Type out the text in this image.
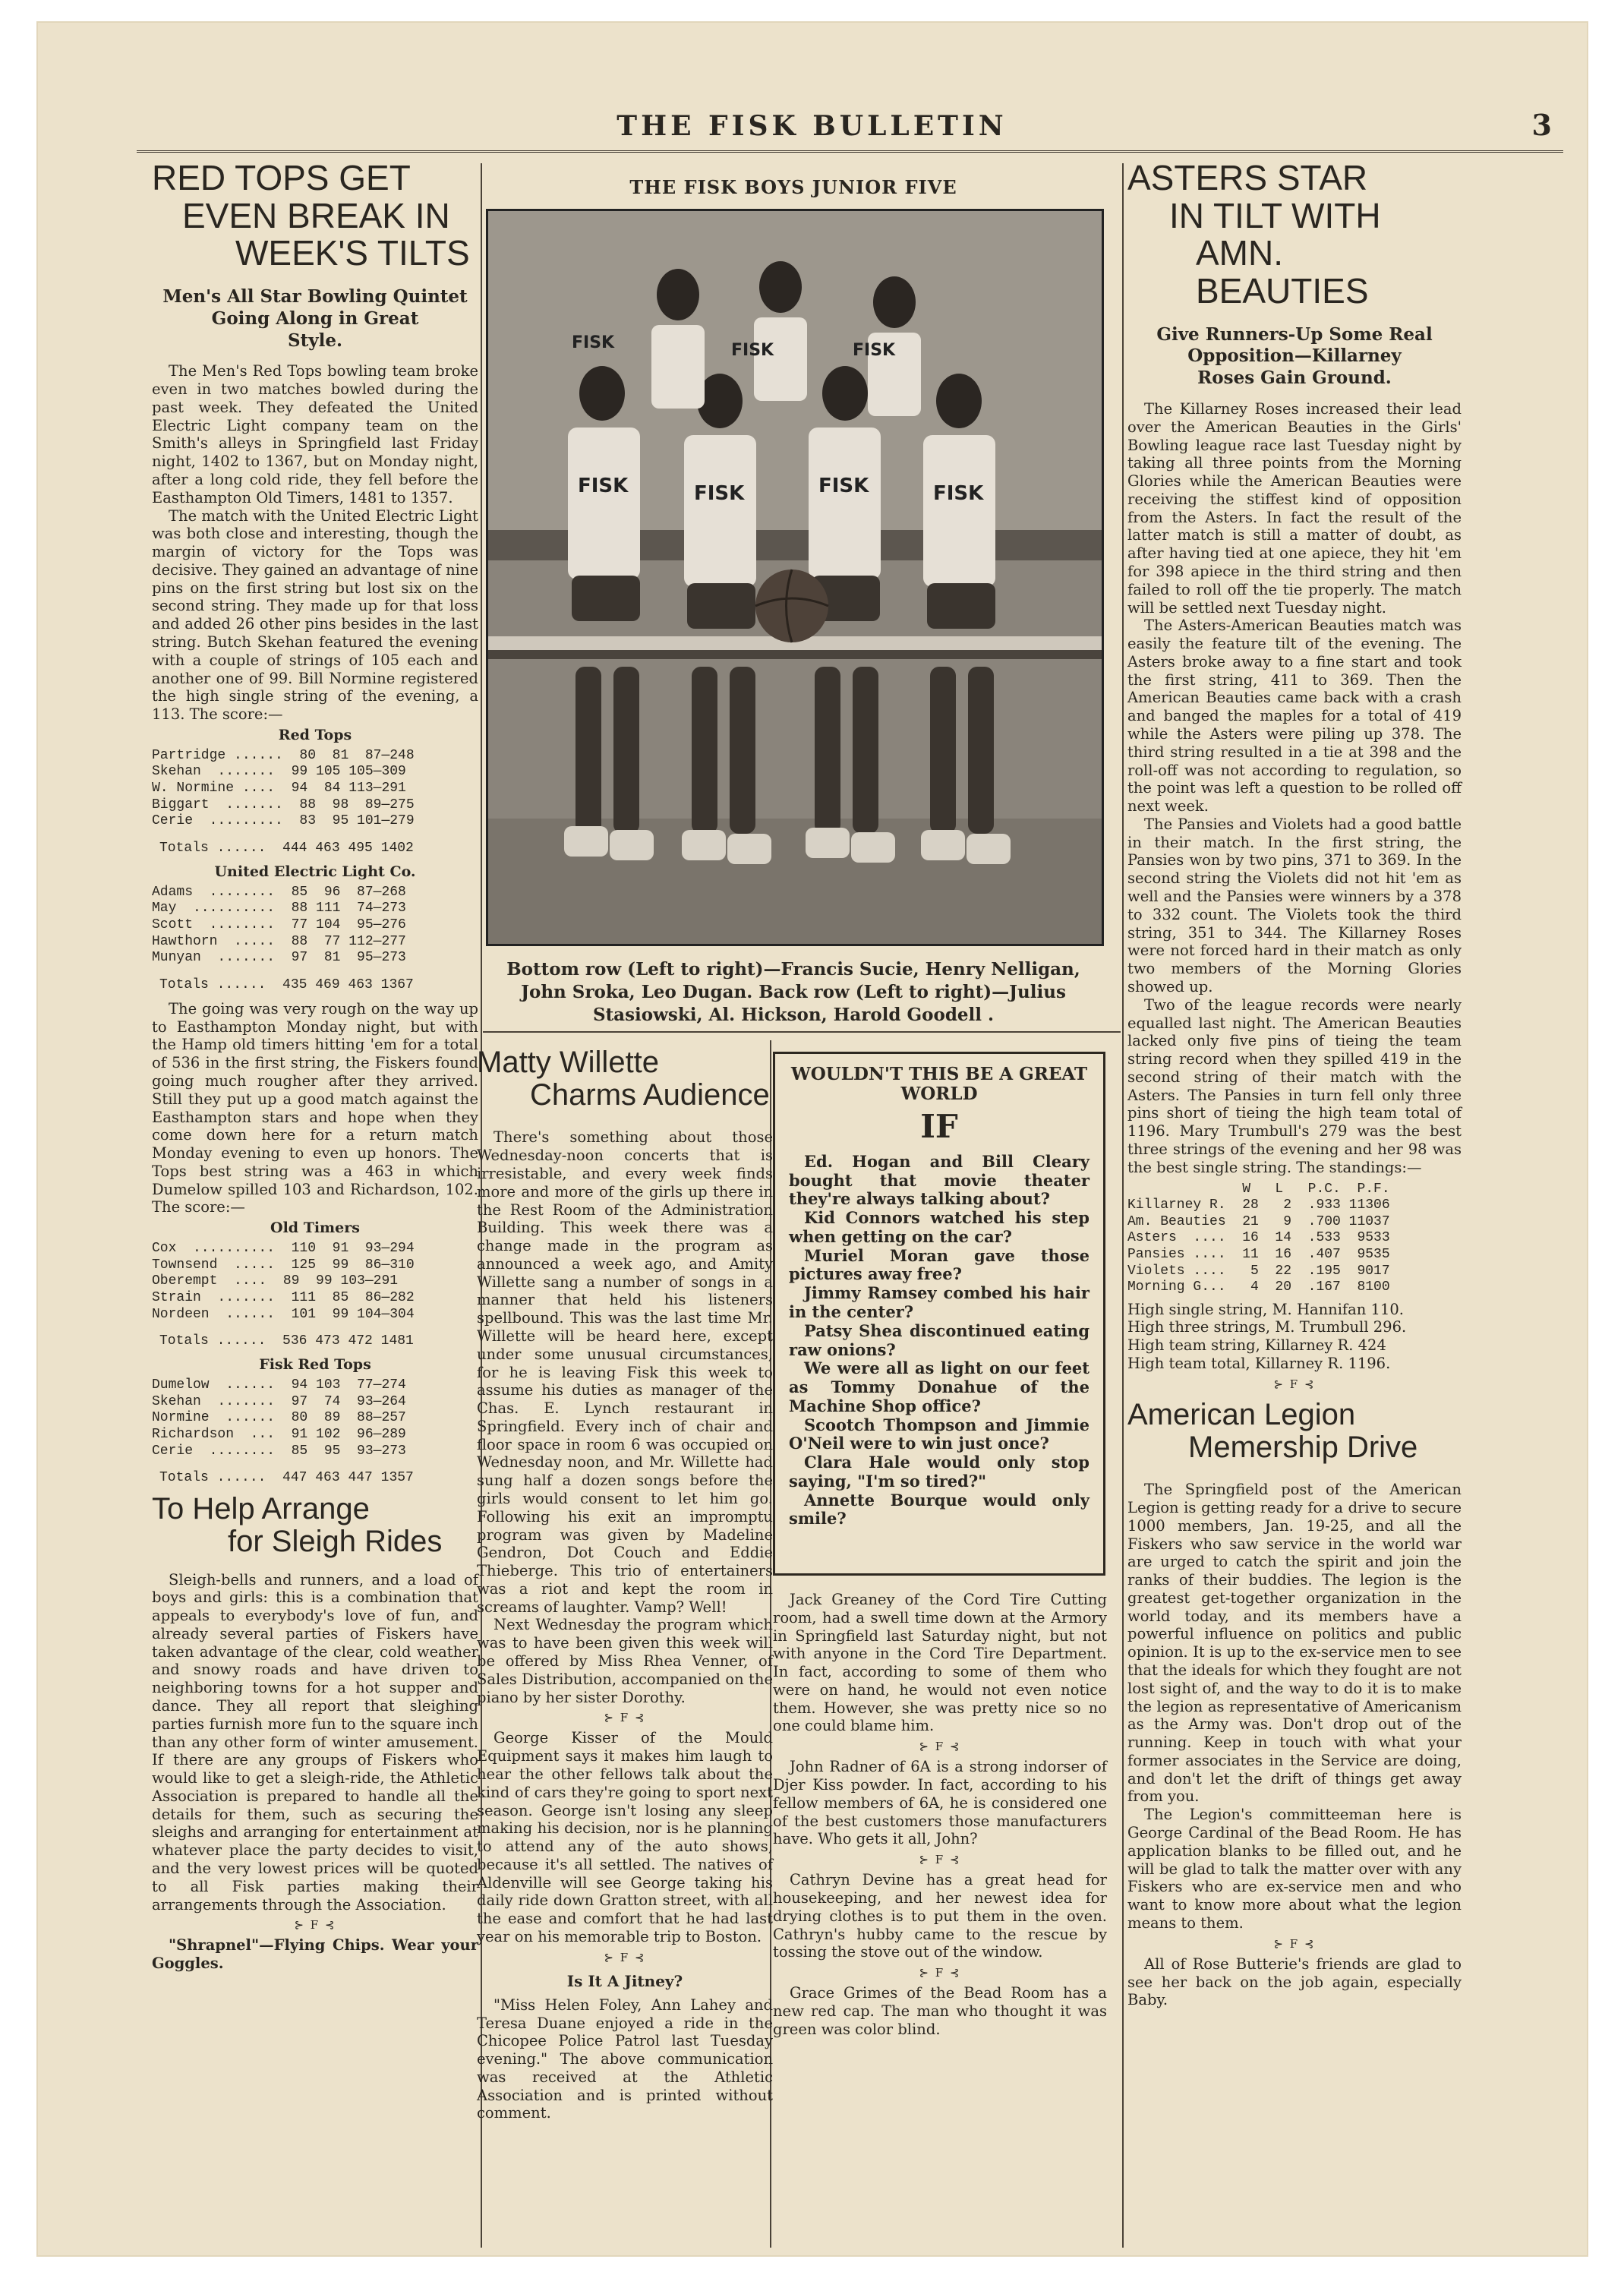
THE FISK BULLETIN	3
RED TOPS GET
EVEN BREAK IN
WEEK'S TILTS
Men's All Star Bowling Quintet
Going Along in Great
Style.

The Men's Red Tops bowling team broke even in two matches bowled during the past week. They defeated the United Electric Light company team on the Smith's alleys in Springfield last Friday night, 1402 to 1367, but on Monday night, after a long cold ride, they fell before the Easthampton Old Timers, 1481 to 1357.

The match with the United Electric Light was both close and interesting, though the margin of victory for the Tops was decisive. They gained an advantage of nine pins on the first string but lost six on the second string. They made up for that loss and added 26 other pins besides in the last string. Butch Skehan featured the evening with a couple of strings of 105 each and another one of 99. Bill Normine registered the high single string of the evening, a 113. The score:—

Red Tops
Partridge ......  80  81  87—248
Skehan  .......  99 105 105—309
W. Normine ....  94  84 113—291
Biggart  .......  88  98  89—275
Cerie  .........  83  95 101—279
Totals ......  444 463 495 1402
United Electric Light Co.
Adams  ........  85  96  87—268
May  ..........  88 111  74—273
Scott  ........  77 104  95—276
Hawthorn  .....  88  77 112—277
Munyan  .......  97  81  95—273
Totals ......  435 469 463 1367

The going was very rough on the way up to Easthampton Monday night, but with the Hamp old timers hitting 'em for a total of 536 in the first string, the Fiskers found going much rougher after they arrived. Still they put up a good match against the Easthampton stars and hope when they come down here for a return match Monday evening to even up honors. The Tops best string was a 463 in which Dumelow spilled 103 and Richardson, 102. The score:—

Old Timers
Cox  ..........  110  91  93—294
Townsend  .....  125  99  86—310
Oberempt  ....  89  99 103—291
Strain  .......  111  85  86—282
Nordeen  ......  101  99 104—304
Totals ......  536 473 472 1481
Fisk Red Tops
Dumelow  ......  94 103  77—274
Skehan  .......  97  74  93—264
Normine  ......  80  89  88—257
Richardson  ...  91 102  96—289
Cerie  ........  85  95  93—273
Totals ......  447 463 447 1357
To Help Arrange
for Sleigh Rides

Sleigh-bells and runners, and a load of boys and girls: this is a combination that appeals to everybody's love of fun, and already several parties of Fiskers have taken advantage of the clear, cold weather and snowy roads and have driven to neighboring towns for a hot supper and dance. They all report that sleighing parties furnish more fun to the square inch than any other form of winter amusement. If there are any groups of Fiskers who would like to get a sleigh-ride, the Athletic Association is prepared to handle all the details for them, such as securing the sleighs and arranging for entertainment at whatever place the party decides to visit, and the very lowest prices will be quoted to all Fisk parties making their arrangements through the Association.

⊱ F ⊰

"Shrapnel"—Flying Chips. Wear your Goggles.

THE FISK BOYS JUNIOR FIVE
FISK	FISK	FISK	FISK
FISK	FISK	FISK
Bottom row (Left to right)—Francis Sucie, Henry Nelligan, John Sroka, Leo Dugan. Back row (Left to right)—Julius Stasiowski, Al. Hickson, Harold Goodell .
Matty Willette
Charms Audience

There's something about those Wednesday-noon concerts that is irresistable, and every week finds more and more of the girls up there in the Rest Room of the Administration Building. This week there was a change made in the program as announced a week ago, and Amity Willette sang a number of songs in a manner that held his listeners spellbound. This was the last time Mr. Willette will be heard here, except under some unusual circumstances, for he is leaving Fisk this week to assume his duties as manager of the Chas. E. Lynch restaurant in Springfield. Every inch of chair and floor space in room 6 was occupied on Wednesday noon, and Mr. Willette had sung half a dozen songs before the girls would consent to let him go. Following his exit an impromptu program was given by Madeline Gendron, Dot Couch and Eddie Thieberge. This trio of entertainers was a riot and kept the room in screams of laughter. Vamp? Well!

Next Wednesday the program which was to have been given this week will be offered by Miss Rhea Venner, of Sales Distribution, accompanied on the piano by her sister Dorothy.

⊱ F ⊰

George Kisser of the Mould Equipment says it makes him laugh to hear the other fellows talk about the kind of cars they're going to sport next season. George isn't losing any sleep making his decision, nor is he planning to attend any of the auto shows, because it's all settled. The natives of Aldenville will see George taking his daily ride down Gratton street, with all the ease and comfort that he had last year on his memorable trip to Boston.

⊱ F ⊰
Is It A Jitney?

"Miss Helen Foley, Ann Lahey and Teresa Duane enjoyed a ride in the Chicopee Police Patrol last Tuesday evening." The above communication was received at the Athletic Association and is printed without comment.

WOULDN'T THIS BE A GREAT WORLD
IF

Ed. Hogan and Bill Cleary bought that movie theater they're always talking about?

Kid Connors watched his step when getting on the car?

Muriel Moran gave those pictures away free?

Jimmy Ramsey combed his hair in the center?

Patsy Shea discontinued eating raw onions?

We were all as light on our feet as Tommy Donahue of the Machine Shop office?

Scootch Thompson and Jimmie O'Neil were to win just once?

Clara Hale would only stop saying, "I'm so tired?"

Annette Bourque would only smile?

Jack Greaney of the Cord Tire Cutting room, had a swell time down at the Armory in Springfield last Saturday night, but not with anyone in the Cord Tire Department. In fact, according to some of them who were on hand, he would not even notice them. However, she was pretty nice so no one could blame him.

⊱ F ⊰

John Radner of 6A is a strong indorser of Djer Kiss powder. In fact, according to his fellow members of 6A, he is considered one of the best customers those manufacturers have. Who gets it all, John?

⊱ F ⊰

Cathryn Devine has a great head for housekeeping, and her newest idea for drying clothes is to put them in the oven. Cathryn's hubby came to the rescue by tossing the stove out of the window.

⊱ F ⊰

Grace Grimes of the Bead Room has a new red cap. The man who thought it was green was color blind.

ASTERS STAR
IN TILT WITH
AMN. BEAUTIES
Give Runners-Up Some Real
Opposition—Killarney
Roses Gain Ground.

The Killarney Roses increased their lead over the American Beauties in the Girls' Bowling league race last Tuesday night by taking all three points from the Morning Glories while the American Beauties were receiving the stiffest kind of opposition from the Asters. In fact the result of the latter match is still a matter of doubt, as after having tied at one apiece, they hit 'em for 398 apiece in the third string and then failed to roll off the tie properly. The match will be settled next Tuesday night.

The Asters-American Beauties match was easily the feature tilt of the evening. The Asters broke away to a fine start and took the first string, 411 to 369. Then the American Beauties came back with a crash and banged the maples for a total of 419 while the Asters were piling up 378. The third string resulted in a tie at 398 and the roll-off was not according to regulation, so the point was left a question to be rolled off next week.

The Pansies and Violets had a good battle in their match. In the first string, the Pansies won by two pins, 371 to 369. In the second string the Violets did not hit 'em as well and the Pansies were winners by a 378 to 332 count. The Violets took the third string, 351 to 344. The Killarney Roses were not forced hard in their match as only two members of the Morning Glories showed up.

Two of the league records were nearly equalled last night. The American Beauties lacked only five pins of tieing the team string record when they spilled 419 in the second string of their match with the Asters. The Pansies in turn fell only three pins short of tieing the high team total of 1196. Mary Trumbull's 279 was the best three strings of the evening and her 98 was the best single string. The standings:—

W   L   P.C.  P.F.
Killarney R.  28   2  .933 11306
Am. Beauties  21   9  .700 11037
Asters  ....  16  14  .533  9533
Pansies ....  11  16  .407  9535
Violets ....   5  22  .195  9017
Morning G...   4  20  .167  8100
High single string, M. Hannifan 110.
High three strings, M. Trumbull 296.
High team string, Killarney R. 424
High team total, Killarney R. 1196.
⊱ F ⊰
American Legion
Memership Drive

The Springfield post of the American Legion is getting ready for a drive to secure 1000 members, Jan. 19-25, and all the Fiskers who saw service in the world war are urged to catch the spirit and join the ranks of their buddies. The legion is the greatest get-together organization in the world today, and its members have a powerful influence on politics and public opinion. It is up to the ex-service men to see that the ideals for which they fought are not lost sight of, and the way to do it is to make the legion as representative of Americanism as the Army was. Don't drop out of the running. Keep in touch with what your former associates in the Service are doing, and don't let the drift of things get away from you.

The Legion's committeeman here is George Cardinal of the Bead Room. He has application blanks to be filled out, and he will be glad to talk the matter over with any Fiskers who are ex-service men and who want to know more about what the legion means to them.

⊱ F ⊰

All of Rose Butterie's friends are glad to see her back on the job again, especially Baby.
